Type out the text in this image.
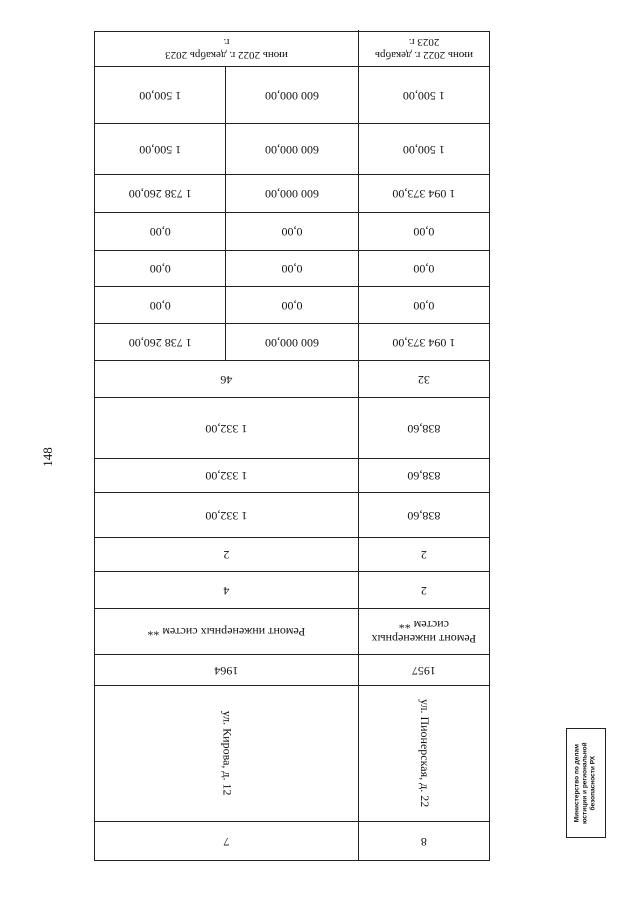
148
8
7
ул. Пионерская, д. 22
ул. Кирова, д. 12
1957
1964
Ремонт инженерных систем **
Ремонт инженерных систем **
2
4
2
2
838,60
1 332,00
838,60
1 332,00
838,60
1 332,00
32
46
1 094 373,00
600 000,00
1 738 260,00
0,00
0,00
0,00
0,00
0,00
0,00
0,00
0,00
0,00
1 094 373,00
600 000,00
1 738 260,00
1 500,00
600 000,00
1 500,00
1 500,00
600 000,00
1 500,00
июнь 2022 г. декабрь 2023 г.
июнь 2022 г. декабрь 2023 г.
Министерство по делам юстиции и региональной безопасности РХ
